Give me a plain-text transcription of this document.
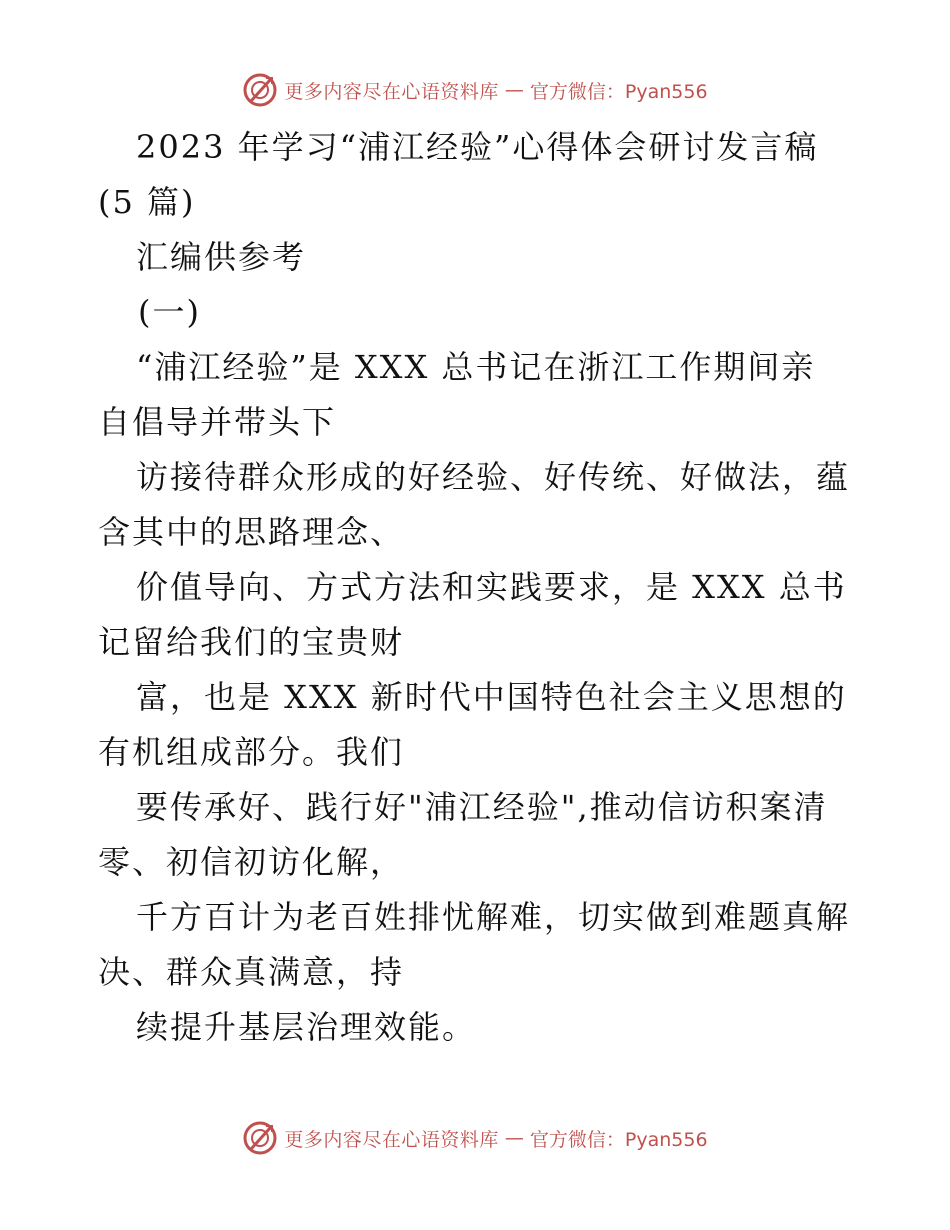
更多内容尽在心语资料库 — 官方微信：Pyan556
2023 年学习“浦江经验”心得体会研讨发言稿
(5 篇)
汇编供参考
(一)
“浦江经验”是 XXX 总书记在浙江工作期间亲
自倡导并带头下
访接待群众形成的好经验、好传统、好做法，蕴
含其中的思路理念、
价值导向、方式方法和实践要求，是 XXX 总书
记留给我们的宝贵财
富，也是 XXX 新时代中国特色社会主义思想的
有机组成部分。我们
要传承好、践行好"浦江经验",推动信访积案清
零、初信初访化解，
千方百计为老百姓排忧解难，切实做到难题真解
决、群众真满意，持
续提升基层治理效能。
更多内容尽在心语资料库 — 官方微信：Pyan556
